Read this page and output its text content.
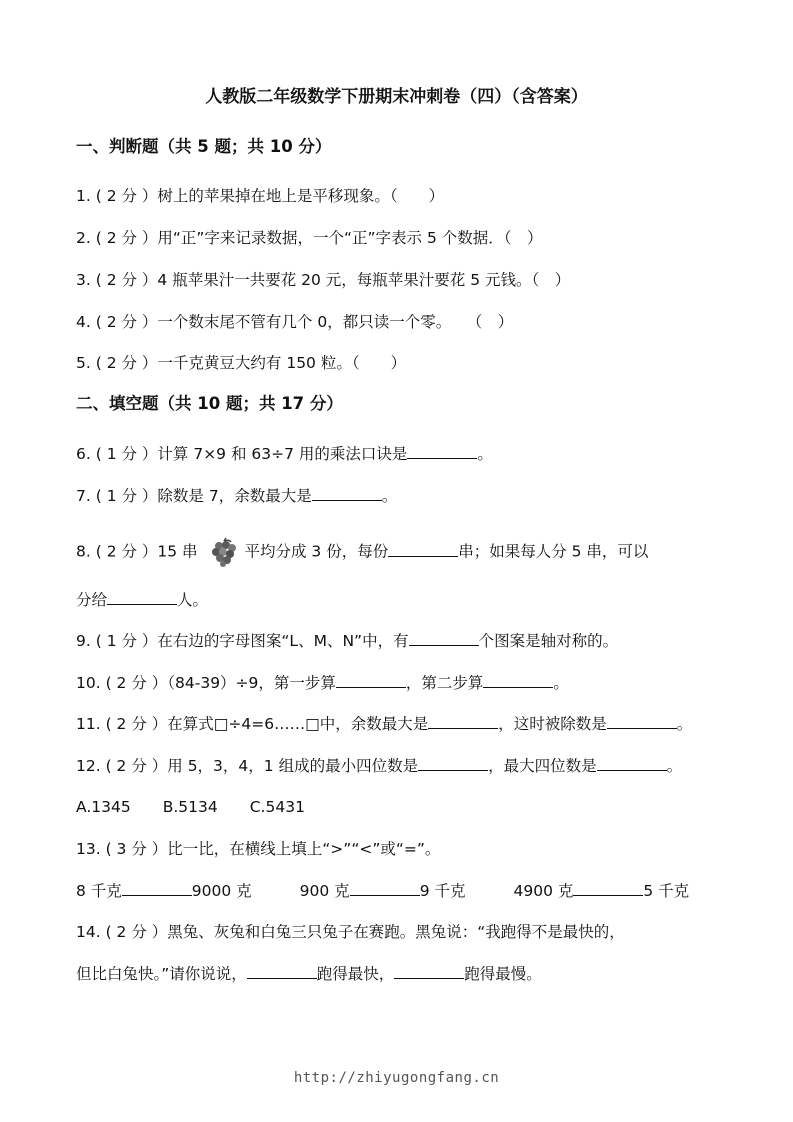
人教版二年级数学下册期末冲刺卷（四）（含答案）
一、判断题（共 5 题；共 10 分）
1. ( 2 分 ）树上的苹果掉在地上是平移现象。（　　）
2. ( 2 分 ）用“正”字来记录数据，一个“正”字表示 5 个数据．（　）
3. ( 2 分 ）4 瓶苹果汁一共要花 20 元，每瓶苹果汁要花 5 元钱。（　）
4. ( 2 分 ）一个数末尾不管有几个 0，都只读一个零。　　（　）
5. ( 2 分 ）一千克黄豆大约有 150 粒。（　　）
二、填空题（共 10 题；共 17 分）
6. ( 1 分 ）计算 7×9 和 63÷7 用的乘法口诀是	。
7. ( 1 分 ）除数是 7，余数最大是	。
8. ( 2 分 ）15 串	平均分成 3 份，每份	串；如果每人分 5 串，可以
分给	人。
9. ( 1 分 ）在右边的字母图案“L、M、N”中，有	个图案是轴对称的。
10. ( 2 分 ）（84-39）÷9，第一步算	，第二步算	。
11. ( 2 分 ）在算式□÷4=6……□中，余数最大是	，这时被除数是	。
12. ( 2 分 ）用 5，3，4，1 组成的最小四位数是	，最大四位数是	。
A.1345 B.5134 C.5431
13. ( 3 分 ）比一比，在横线上填上“>”“<”或“=”。
8 千克	9000 克	900 克	9 千克	4900 克	5 千克
14. ( 2 分 ）黑兔、灰兔和白兔三只兔子在赛跑。黑兔说：“我跑得不是最快的，
但比白兔快。”请你说说，	跑得最快，	跑得最慢。
http://zhiyugongfang.cn
